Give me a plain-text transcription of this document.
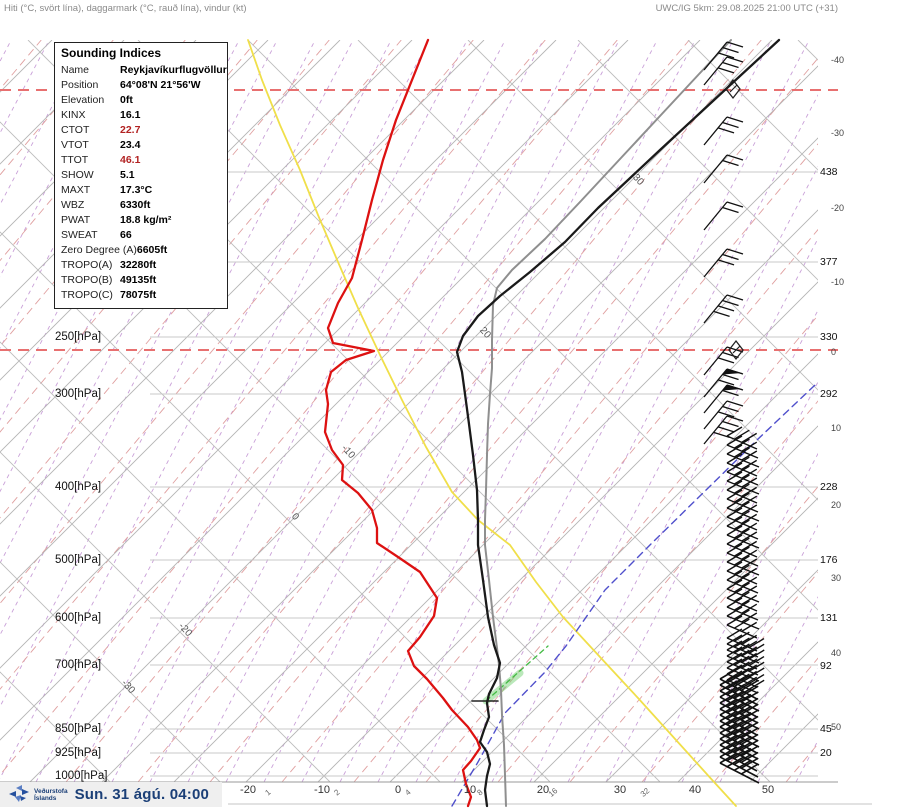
Hiti (°C, svört lína), daggarmark (°C, rauð lína), vindur (kt)	UWC/IG 5km: 29.08.2025 21:00 UTC (+31)
250[hPa]
300[hPa]
400[hPa]
500[hPa]
600[hPa]
700[hPa]
850[hPa]
925[hPa]
1000[hPa]
438
377
330
292
228
176
131
92
45
20
-40
-30
-20
-10
0
10
20
30
40
50
-20	-10	0	10	20	30	40	50
1	2	4	8	16	32
30
20
-10
0
-20
-30
Sounding Indices
Name	Reykjavíkurflugvöllur
Position 64°08'N 21°56'W
Elevation 0ft
KINX	16.1
CTOT	22.7
VTOT	23.4
TTOT	46.1
SHOW	5.1
MAXT	17.3°C
WBZ	6330ft
PWAT	18.8 kg/m²
SWEAT 66
Zero Degree (A)6605ft
TROPO(A) 32280ft
TROPO(B) 49135ft
TROPO(C) 78075ft
Veðurstofa
Íslands	Sun. 31 ágú. 04:00
